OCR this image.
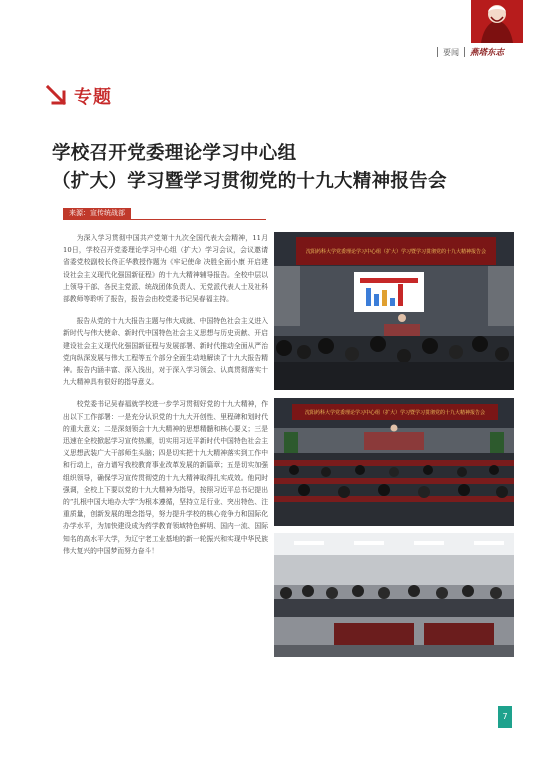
要闻 燕塔东志
专题
学校召开党委理论学习中心组
（扩大）学习暨学习贯彻党的十九大精神报告会
来源：宣传统战部

为深入学习贯彻中国共产党第十九次全国代表大会精神，11月10日，学校召开党委理论学习中心组（扩大）学习会议，会议邀请省委党校副校长佟正华教授作题为《牢记使命 决胜全面小康 开启建设社会主义现代化强国新征程》的十九大精神辅导报告。全校中层以上领导干部、各民主党派、统战团体负责人、无党派代表人士及社科部教师等聆听了报告，报告会由校党委书记吴春福主持。

报告从党的十九大报告主题与伟大成就、中国特色社会主义进入新时代与伟大使命、新时代中国特色社会主义思想与历史贡献、开启建设社会主义现代化强国新征程与发展部署、新时代推动全面从严治党向纵深发展与伟大工程等五个部分全面生动地解读了十九大报告精神。报告内涵丰富、深入浅出，对于深入学习领会、认真贯彻落实十九大精神具有很好的指导意义。

校党委书记吴春福就学校进一步学习贯彻好党的十九大精神，作出以下工作部署：一是充分认识党的十九大开创性、里程碑和划时代的重大意义；二是深刻领会十九大精神的思想精髓和核心要义；三是迅速在全校掀起学习宣传热潮，切实用习近平新时代中国特色社会主义思想武装广大干部师生头脑；四是切实把十九大精神落实到工作中和行动上，奋力谱写我校教育事业改革发展的新篇章；五是切实加强组织领导，确保学习宣传贯彻党的十九大精神取得扎实成效。他同时强调，全校上下要以党的十九大精神为指导，按照习近平总书记提出的“扎根中国大地办大学”为根本遵循，坚持立足行业、突出特色、注重质量，创新发展的理念指导，努力提升学校的核心竞争力和国际化办学水平，为加快建设成为药学教育领域特色鲜明、国内一流、国际知名的高水平大学，为辽宁老工业基地的新一轮振兴和实现中华民族伟大复兴的中国梦而努力奋斗！

沈阳药科大学党委理论学习中心组（扩大）学习暨学习贯彻党的十九大精神报告会
沈阳药科大学党委理论学习中心组（扩大）学习暨学习贯彻党的十九大精神报告会
7
